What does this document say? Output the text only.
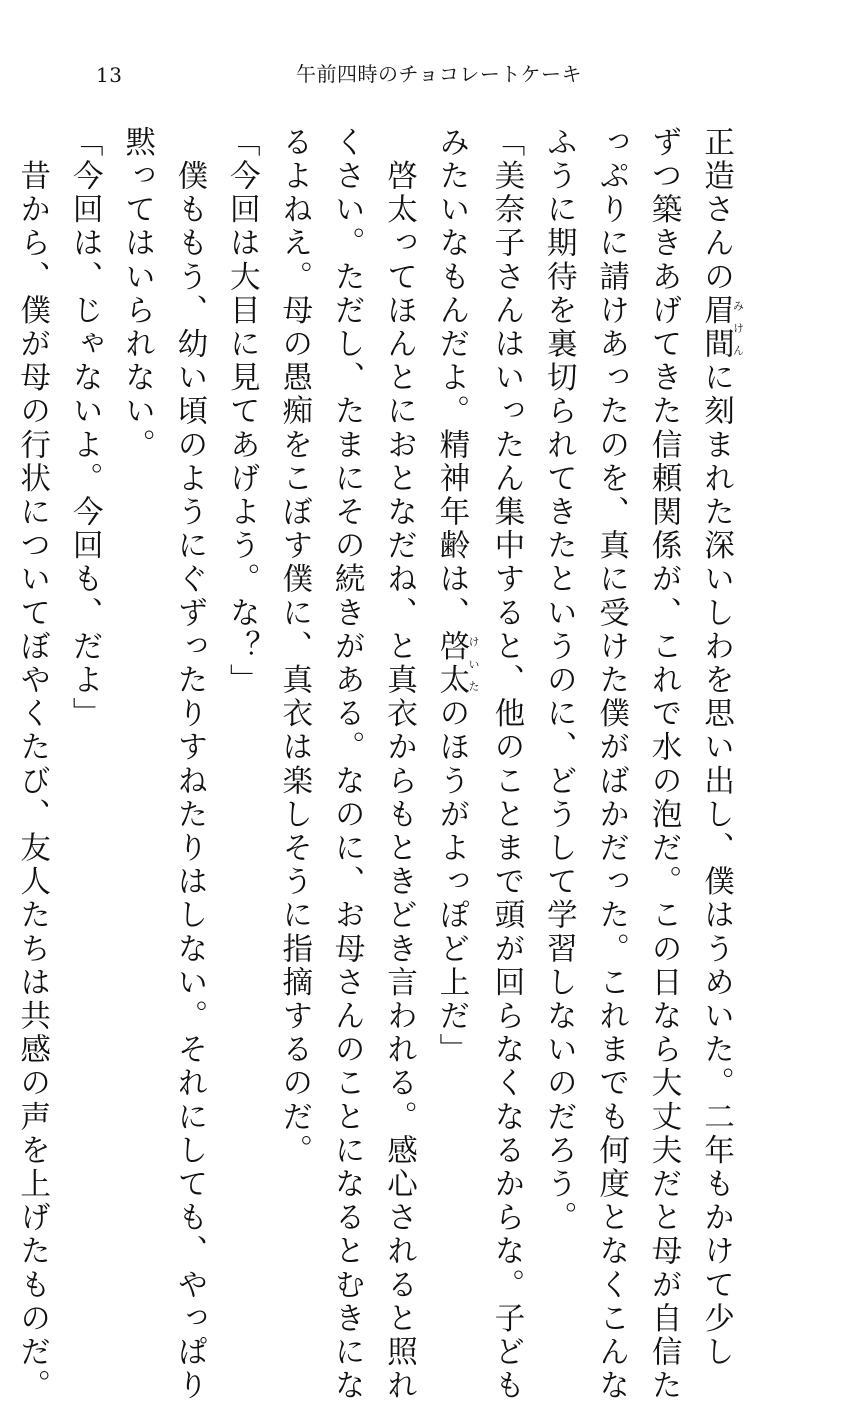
13	午前四時のチョコレートケーキ
正造さんの眉間みけんに刻まれた深いしわを思い出し、僕はうめいた。二年もかけて少し
ずつ築きあげてきた信頼関係が、これで水の泡だ。この日なら大丈夫だと母が自信た
っぷりに請けあったのを、真に受けた僕がばかだった。これまでも何度となくこんな
ふうに期待を裏切られてきたというのに、どうして学習しないのだろう。
「美奈子さんはいったん集中すると、他のことまで頭が回らなくなるからな。子ども
みたいなもんだよ。精神年齢は、啓太けいたのほうがよっぽど上だ」
　啓太ってほんとにおとなだね、と真衣からもときどき言われる。感心されると照れ
くさい。ただし、たまにその続きがある。なのに、お母さんのことになるとむきにな
るよねえ。母の愚痴をこぼす僕に、真衣は楽しそうに指摘するのだ。
「今回は大目に見てあげよう。な？」
　僕ももう、幼い頃のようにぐずったりすねたりはしない。それにしても、やっぱり
黙ってはいられない。
「今回は、じゃないよ。今回も、だよ」
　昔から、僕が母の行状についてぼやくたび、友人たちは共感の声を上げたものだ。
